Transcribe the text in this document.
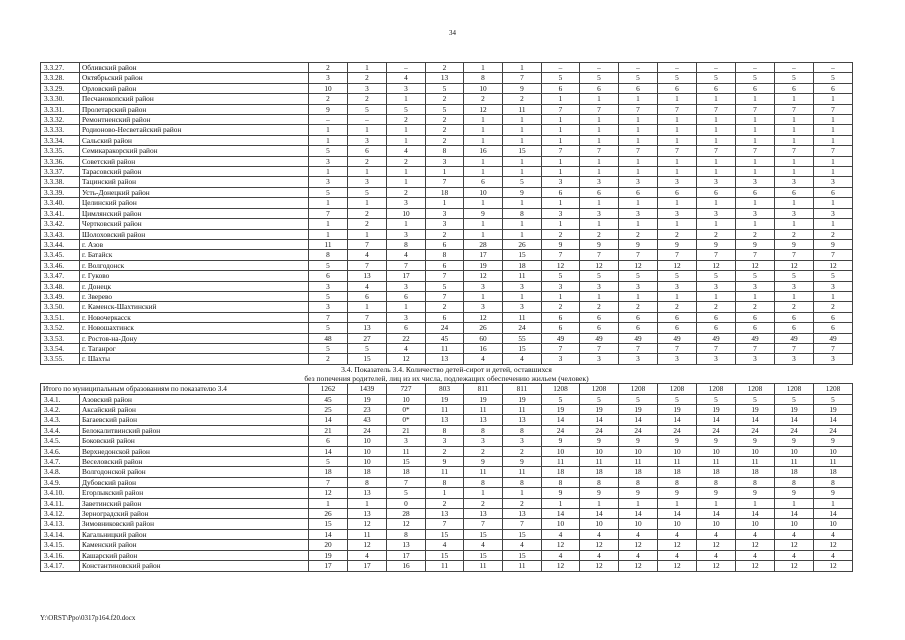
34
3.3.27.	Обливский район	2	1	–	2	1	1	–	–	–	–	–	–	–	–
3.3.28.	Октябрьский район	3	2	4	13	8	7	5	5	5	5	5	5	5	5
3.3.29.	Орловский район	10	3	3	5	10	9	6	6	6	6	6	6	6	6
3.3.30.	Песчанокопский район	2	2	1	2	2	2	1	1	1	1	1	1	1	1
3.3.31.	Пролетарский район	9	5	5	5	12	11	7	7	7	7	7	7	7	7
3.3.32.	Ремонтненский район	–	–	2	2	1	1	1	1	1	1	1	1	1	1
3.3.33.	Родионово-Несветайский район	1	1	1	2	1	1	1	1	1	1	1	1	1	1
3.3.34.	Сальский район	1	3	1	2	1	1	1	1	1	1	1	1	1	1
3.3.35.	Семикаракорский район	5	6	4	8	16	15	7	7	7	7	7	7	7	7
3.3.36.	Советский район	3	2	2	3	1	1	1	1	1	1	1	1	1	1
3.3.37.	Тарасовский район	1	1	1	1	1	1	1	1	1	1	1	1	1	1
3.3.38.	Тацинский район	3	3	1	7	6	5	3	3	3	3	3	3	3	3
3.3.39.	Усть-Донецкий район	5	5	2	18	10	9	6	6	6	6	6	6	6	6
3.3.40.	Целинский район	1	1	3	1	1	1	1	1	1	1	1	1	1	1
3.3.41.	Цимлянский район	7	2	10	3	9	8	3	3	3	3	3	3	3	3
3.3.42.	Чертковский район	1	2	1	3	1	1	1	1	1	1	1	1	1	1
3.3.43.	Шолоховский район	1	1	3	2	1	1	2	2	2	2	2	2	2	2
3.3.44.	г. Азов	11	7	8	6	28	26	9	9	9	9	9	9	9	9
3.3.45.	г. Батайск	8	4	4	8	17	15	7	7	7	7	7	7	7	7
3.3.46.	г. Волгодонск	5	7	7	6	19	18	12	12	12	12	12	12	12	12
3.3.47.	г. Гуково	6	13	17	7	12	11	5	5	5	5	5	5	5	5
3.3.48.	г. Донецк	3	4	3	5	3	3	3	3	3	3	3	3	3	3
3.3.49.	г. Зверево	5	6	6	7	1	1	1	1	1	1	1	1	1	1
3.3.50.	г. Каменск-Шахтинский	3	1	1	2	3	3	2	2	2	2	2	2	2	2
3.3.51.	г. Новочеркасск	7	7	3	6	12	11	6	6	6	6	6	6	6	6
3.3.52.	г. Новошахтинск	5	13	6	24	26	24	6	6	6	6	6	6	6	6
3.3.53.	г. Ростов-на-Дону	48	27	22	45	60	55	49	49	49	49	49	49	49	49
3.3.54.	г. Таганрог	5	5	4	11	16	15	7	7	7	7	7	7	7	7
3.3.55.	г. Шахты	2	15	12	13	4	4	3	3	3	3	3	3	3	3
3.4. Показатель 3.4. Количество детей-сирот и детей, оставшихся															
без попечения родителей, лиц из их числа, подлежащих обеспечению жильем (человек)															
Итого по муниципальным образованиям по показателю 3.4		1262	1439	727	803	811	811	1208	1208	1208	1208	1208	1208	1208	1208
3.4.1.	Азовский район	45	19	10	19	19	19	5	5	5	5	5	5	5	5
3.4.2.	Аксайский район	25	23	0*	11	11	11	19	19	19	19	19	19	19	19
3.4.3.	Багаевский район	14	43	0*	13	13	13	14	14	14	14	14	14	14	14
3.4.4.	Белокалитвинский район	21	24	21	8	8	8	24	24	24	24	24	24	24	24
3.4.5.	Боковский район	6	10	3	3	3	3	9	9	9	9	9	9	9	9
3.4.6.	Верхнедонской район	14	10	11	2	2	2	10	10	10	10	10	10	10	10
3.4.7.	Веселовский район	5	10	15	9	9	9	11	11	11	11	11	11	11	11
3.4.8.	Волгодонской район	18	18	18	11	11	11	18	18	18	18	18	18	18	18
3.4.9.	Дубовский район	7	8	7	8	8	8	8	8	8	8	8	8	8	8
3.4.10.	Егорлыкский район	12	13	5	1	1	1	9	9	9	9	9	9	9	9
3.4.11.	Заветинский район	1	1	0	2	2	2	1	1	1	1	1	1	1	1
3.4.12.	Зерноградский район	26	13	28	13	13	13	14	14	14	14	14	14	14	14
3.4.13.	Зимовниковский район	15	12	12	7	7	7	10	10	10	10	10	10	10	10
3.4.14.	Кагальницкий район	14	11	8	15	15	15	4	4	4	4	4	4	4	4
3.4.15.	Каменский район	20	12	13	4	4	4	12	12	12	12	12	12	12	12
3.4.16.	Кашарский район	19	4	17	15	15	15	4	4	4	4	4	4	4	4
3.4.17.	Константиновский район	17	17	16	11	11	11	12	12	12	12	12	12	12	12
Y:\ORST\Ppo\0317p164.f20.docx
